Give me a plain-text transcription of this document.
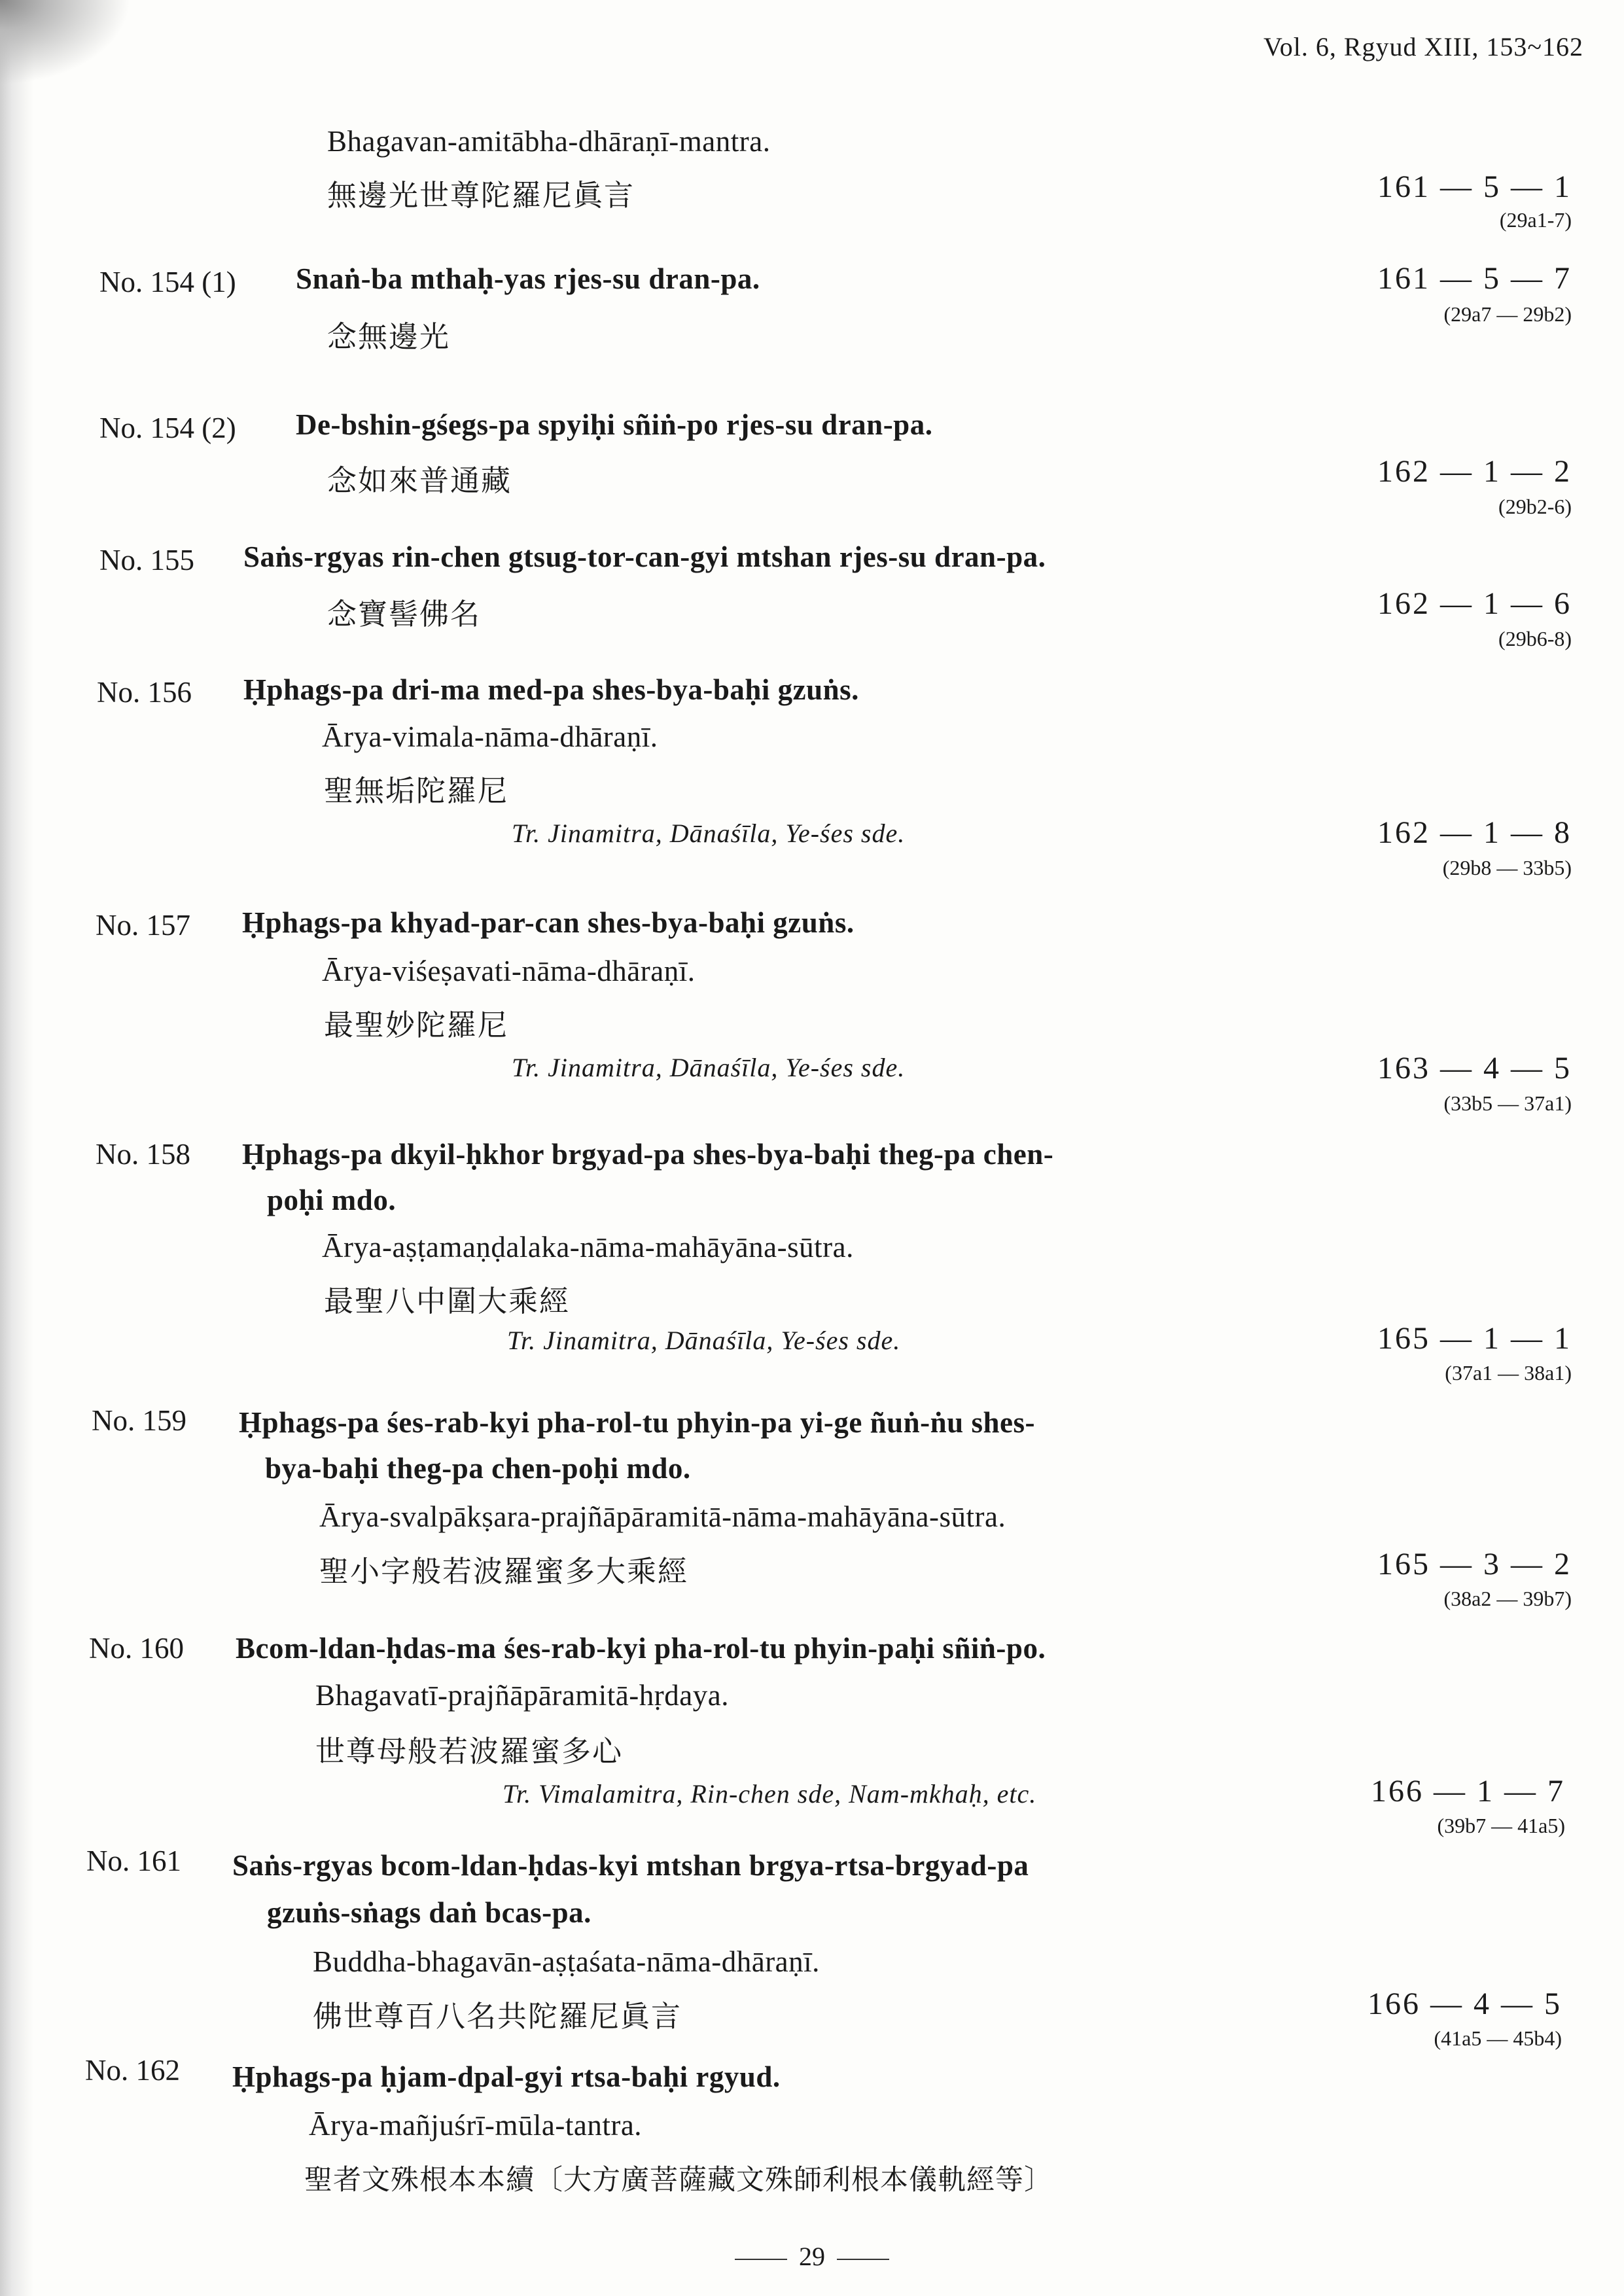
Vol. 6, Rgyud XIII, 153~162
Bhagavan-amitābha-dhāraṇī-mantra.
無邊光世尊陀羅尼眞言	161 — 5 — 1
(29a1-7)
No. 154 (1) Snaṅ-ba mthaḥ-yas rjes-su dran-pa.
念無邊光
161 — 5 — 7
(29a7 — 29b2)
No. 154 (2) De-bshin-gśegs-pa spyiḥi sñiṅ-po rjes-su dran-pa.
念如來普通藏	162 — 1 — 2
(29b2-6)
No. 155 Saṅs-rgyas rin-chen gtsug-tor-can-gyi mtshan rjes-su dran-pa.
念寶髻佛名	162 — 1 — 6
(29b6-8)
No. 156 Ḥphags-pa dri-ma med-pa shes-bya-baḥi gzuṅs.
Ārya-vimala-nāma-dhāraṇī.
聖無垢陀羅尼
Tr. Jinamitra, Dānaśīla, Ye-śes sde.	162 — 1 — 8
(29b8 — 33b5)
No. 157 Ḥphags-pa khyad-par-can shes-bya-baḥi gzuṅs.
Ārya-viśeṣavati-nāma-dhāraṇī.
最聖妙陀羅尼
Tr. Jinamitra, Dānaśīla, Ye-śes sde.	163 — 4 — 5
(33b5 — 37a1)
No. 158 Ḥphags-pa dkyil-ḥkhor brgyad-pa shes-bya-baḥi theg-pa chen-
poḥi mdo.
Ārya-aṣṭamaṇḍalaka-nāma-mahāyāna-sūtra.
最聖八中圍大乘經
Tr. Jinamitra, Dānaśīla, Ye-śes sde.	165 — 1 — 1
(37a1 — 38a1)
No. 159 Ḥphags-pa śes-rab-kyi pha-rol-tu phyin-pa yi-ge ñuṅ-ṅu shes-
bya-baḥi theg-pa chen-poḥi mdo.
Ārya-svalpākṣara-prajñāpāramitā-nāma-mahāyāna-sūtra.
聖小字般若波羅蜜多大乘經	165 — 3 — 2
(38a2 — 39b7)
No. 160 Bcom-ldan-ḥdas-ma śes-rab-kyi pha-rol-tu phyin-paḥi sñiṅ-po.
Bhagavatī-prajñāpāramitā-hṛdaya.
世尊母般若波羅蜜多心
Tr. Vimalamitra, Rin-chen sde, Nam-mkhaḥ, etc.	166 — 1 — 7
(39b7 — 41a5)
No. 161 Saṅs-rgyas bcom-ldan-ḥdas-kyi mtshan brgya-rtsa-brgyad-pa
gzuṅs-sṅags daṅ bcas-pa.
Buddha-bhagavān-aṣṭaśata-nāma-dhāraṇī.
佛世尊百八名共陀羅尼眞言	166 — 4 — 5
(41a5 — 45b4)
No. 162 Ḥphags-pa ḥjam-dpal-gyi rtsa-baḥi rgyud.
Ārya-mañjuśrī-mūla-tantra.
聖者文殊根本本續〔大方廣菩薩藏文殊師利根本儀軌經等〕
29
